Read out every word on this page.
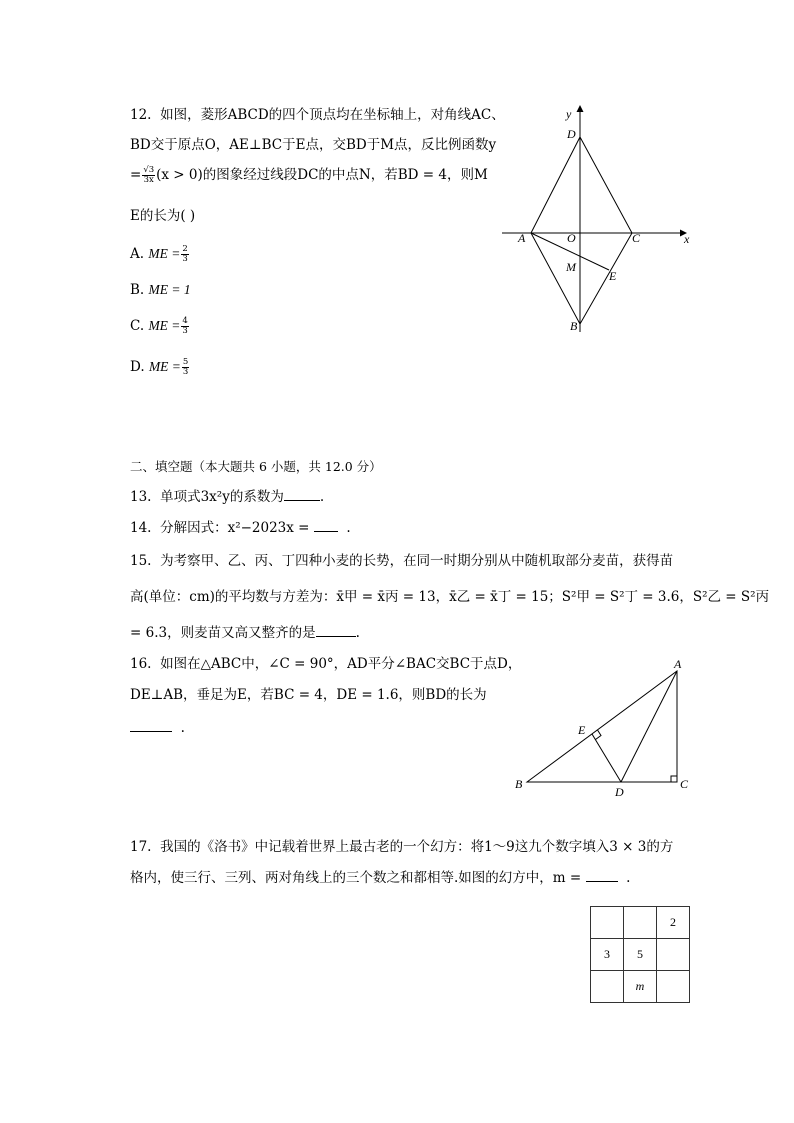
12. 如图，菱形ABCD的四个顶点均在坐标轴上，对角线AC、
BD交于原点O，AE⊥BC于E点，交BD于M点，反比例函数y
= $\frac{√3}{3x} (x > 0)$的图象经过线段DC的中点N，若BD = 4，则M
E的长为( )
A. ME = $\frac{2}{3}$
B. ME = 1
C. ME = $\frac{4}{3}$
D. ME = $\frac{5}{3}$
y
x
D
A	O	C
M
E
B
二、填空题（本大题共 6 小题，共 12.0 分）
13. 单项式3x²y的系数为	.
14. 分解因式：x²−2023x =   .
15. 为考察甲、乙、丙、丁四种小麦的长势，在同一时期分别从中随机取部分麦苗，获得苗
高(单位：cm)的平均数与方差为：x̄甲 = x̄丙 = 13，x̄乙 = x̄丁 = 15；S²甲 = S²丁 = 3.6，S²乙 = S²丙
= 6.3，则麦苗又高又整齐的是	.
16. 如图在△ABC中，∠C = 90°，AD平分∠BAC交BC于点D，
DE⊥AB，垂足为E，若BC = 4，DE = 1.6，则BD的长为
.
A
E
B
D
C
17. 我国的《洛书》中记载着世界上最古老的一个幻方：将1～9这九个数字填入3 × 3的方
格内，使三行、三列、两对角线上的三个数之和都相等.如图的幻方中，m =	.
		2
3	5	
	m	
